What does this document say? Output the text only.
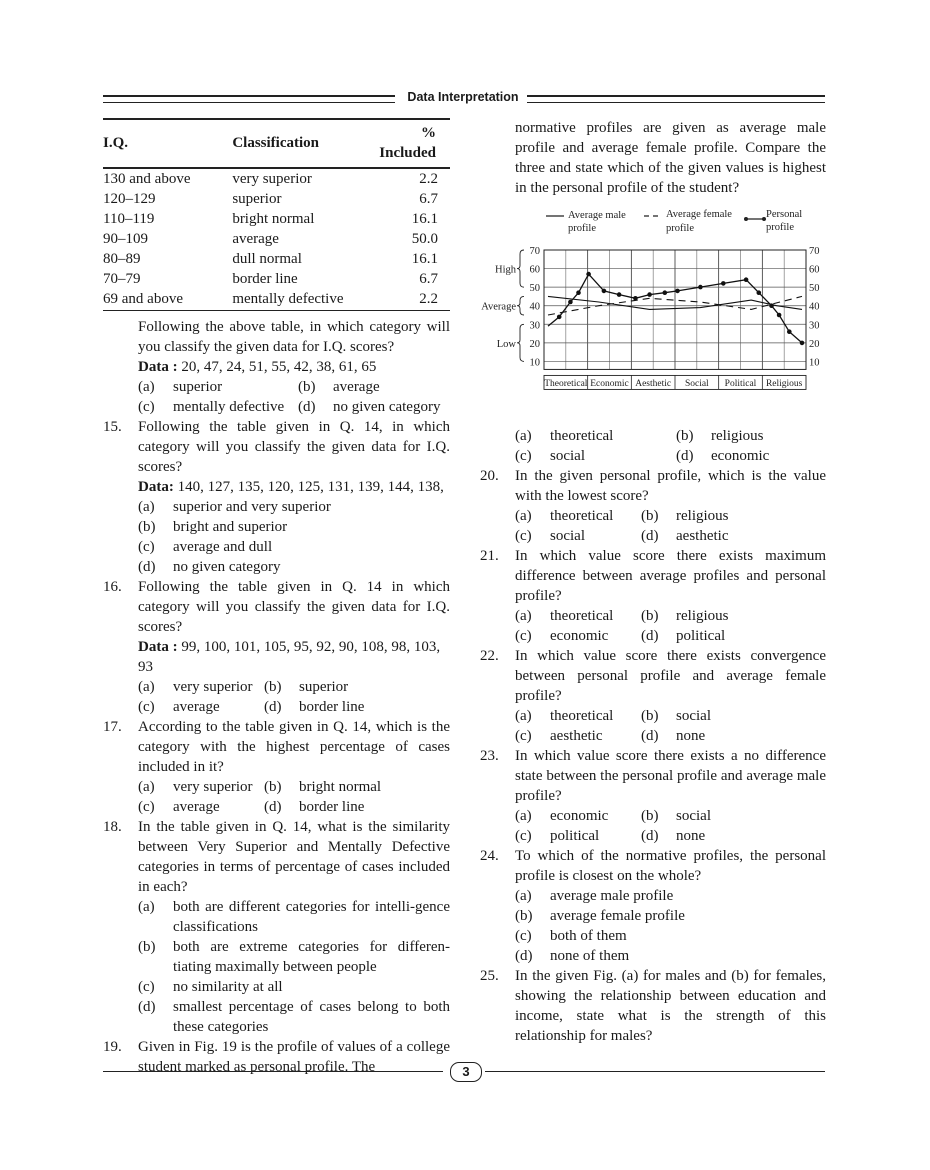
Data Interpretation
I.Q.	Classification	% Included
130 and above	very superior	2.2
120–129	superior	6.7
110–119	bright normal	16.1
90–109	average	50.0
80–89	dull normal	16.1
70–79	border line	6.7
69 and above	mentally defective	2.2
Following the above table, in which category will you classify the given data for I.Q. scores?
Data : 20, 47, 24, 51, 55, 42, 38, 61, 65
(a) superior	(b) average
(c) mentally defective (d) no given category
15. Following the table given in Q. 14, in which category will you classify the given data for I.Q. scores?
Data: 140, 127, 135, 120, 125, 131, 139, 144, 138,
(a) superior and very superior
(b) bright and superior
(c) average and dull
(d) no given category
16. Following the table given in Q. 14 in which category will you classify the given data for I.Q. scores?
Data : 99, 100, 101, 105, 95, 92, 90, 108, 98, 103, 93
(a) very superior (b) superior
(c) average	(d) border line
17. According to the table given in Q. 14, which is the category with the highest percentage of cases included in it?
(a) very superior (b) bright normal
(c) average	(d) border line
18. In the table given in Q. 14, what is the similarity between Very Superior and Mentally Defective categories in terms of percentage of cases included in each?
(a) both are different categories for intelli-gence classifications
(b) both are extreme categories for differen-tiating maximally between people
(c) no similarity at all
(d) smallest percentage of cases belong to both these categories
19. Given in Fig. 19 is the profile of values of a college student marked as personal profile. The
normative profiles are given as average male profile and average female profile. Compare the three and state which of the given values is highest in the personal profile of the student?
Average male
profile
Average female
profile
Personal
profile
10	10
20	20
30	30
40	40
50	50
60	60
70	70
Theoretical Economic Aesthetic Social Political Religious
High
Average
Low
(a) theoretical	(b) religious
(c) social	(d) economic
20. In the given personal profile, which is the value with the lowest score?
(a) theoretical	(b) religious
(c) social	(d) aesthetic
21. In which value score there exists maximum difference between average profiles and personal profile?
(a) theoretical	(b) religious
(c) economic	(d) political
22. In which value score there exists convergence between personal profile and average female profile?
(a) theoretical	(b) social
(c) aesthetic	(d) none
23. In which value score there exists a no difference state between the personal profile and average male profile?
(a) economic	(b) social
(c) political	(d) none
24. To which of the normative profiles, the personal profile is closest on the whole?
(a) average male profile
(b) average female profile
(c) both of them
(d) none of them
25. In the given Fig. (a) for males and (b) for females, showing the relationship between education and income, state what is the strength of this relationship for males?
3
